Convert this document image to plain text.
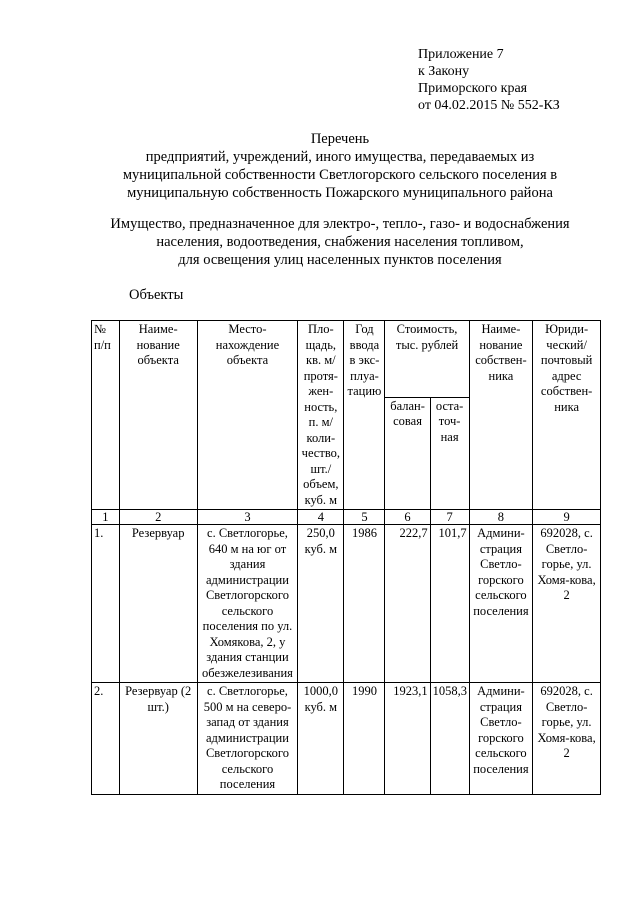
Приложение 7
к Закону
Приморского края
от 04.02.2015 № 552-КЗ
Перечень
предприятий, учреждений, иного имущества, передаваемых из
муниципальной собственности Светлогорского сельского поселения в
муниципальную собственность Пожарского муниципального района
Имущество, предназначенное для электро-, тепло-, газо- и водоснабжения
населения, водоотведения, снабжения населения топливом,
для освещения улиц населенных пунктов поселения
Объекты
№ п/п	Наиме-нование объекта	Место-нахождение объекта	Пло-щадь, кв. м/ протя-жен-ность, п. м/ коли-чество, шт./ объем, куб. м	Год ввода в экс-плуа-тацию	Стоимость, тыс. рублей		Наиме-нование собствен-ника	Юриди-ческий/ почтовый адрес собствен-ника
					балан-совая	оста-точ-ная		
1	2	3	4	5	6	7	8	9
1.	Резервуар	с. Светлогорье, 640 м на юг от здания администрации Светлогорского сельского поселения по ул. Хомякова, 2, у здания станции обезжелезивания	250,0 куб. м	1986	222,7	101,7	Админи-страция Светло-горского сельского поселения	692028, с. Светло-горье, ул. Хомя-кова, 2
2.	Резервуар (2 шт.)	с. Светлогорье, 500 м на северо-запад от здания администрации Светлогорского сельского поселения	1000,0 куб. м	1990	1923,1	1058,3	Админи-страция Светло-горского сельского поселения	692028, с. Светло-горье, ул. Хомя-кова, 2
